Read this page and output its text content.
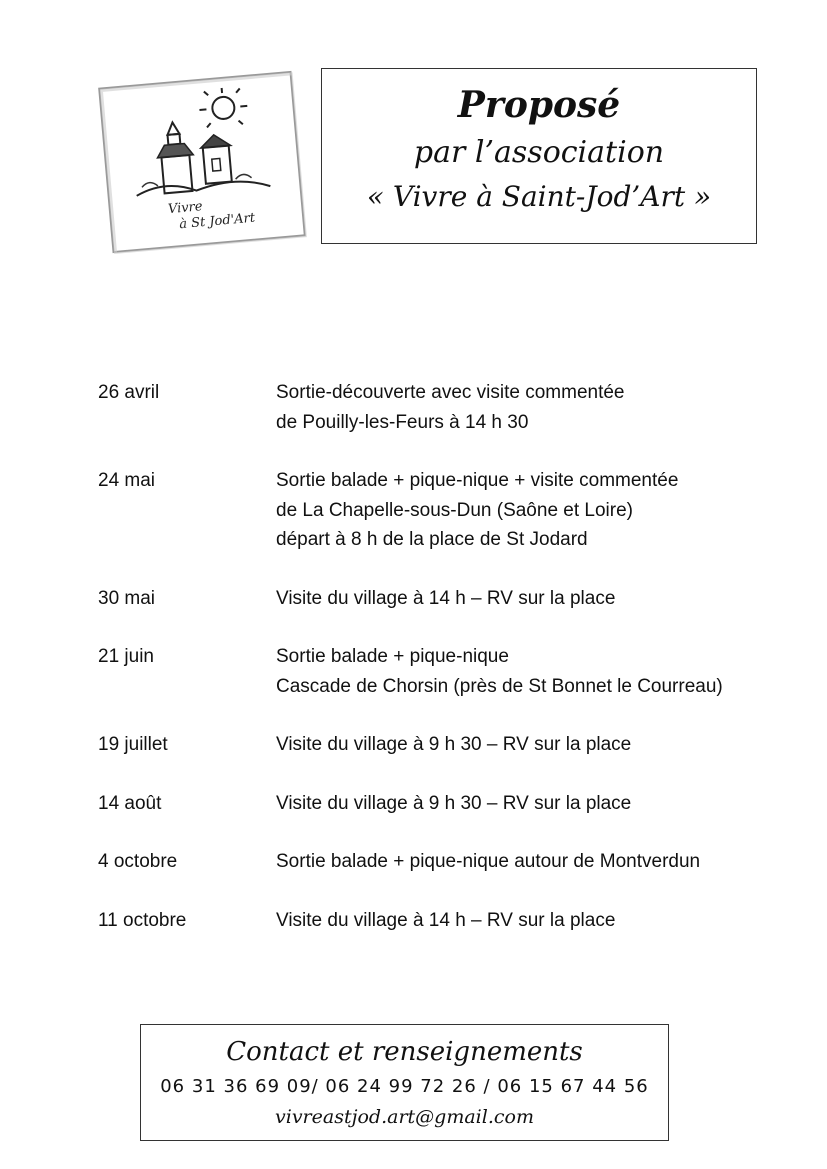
Vivre
à St Jod'Art
Proposé
par l’association
« Vivre à Saint-Jod’Art »
26 avril	Sortie-découverte avec visite commentée
de Pouilly-les-Feurs à 14 h 30
24 mai	Sortie balade + pique-nique + visite commentée
de La Chapelle-sous-Dun (Saône et Loire)
départ à 8 h de la place de St Jodard
30 mai	Visite du village à 14 h – RV sur la place
21 juin	Sortie balade + pique-nique
Cascade de Chorsin (près de St Bonnet le Courreau)
19 juillet	Visite du village à 9 h 30 – RV sur la place
14 août	Visite du village à 9 h 30 – RV sur la place
4 octobre	Sortie balade + pique-nique autour de Montverdun
11 octobre	Visite du village à 14 h – RV sur la place
Contact et renseignements
06 31 36 69 09/ 06 24 99 72 26 / 06 15 67 44 56
vivreastjod.art@gmail.com
